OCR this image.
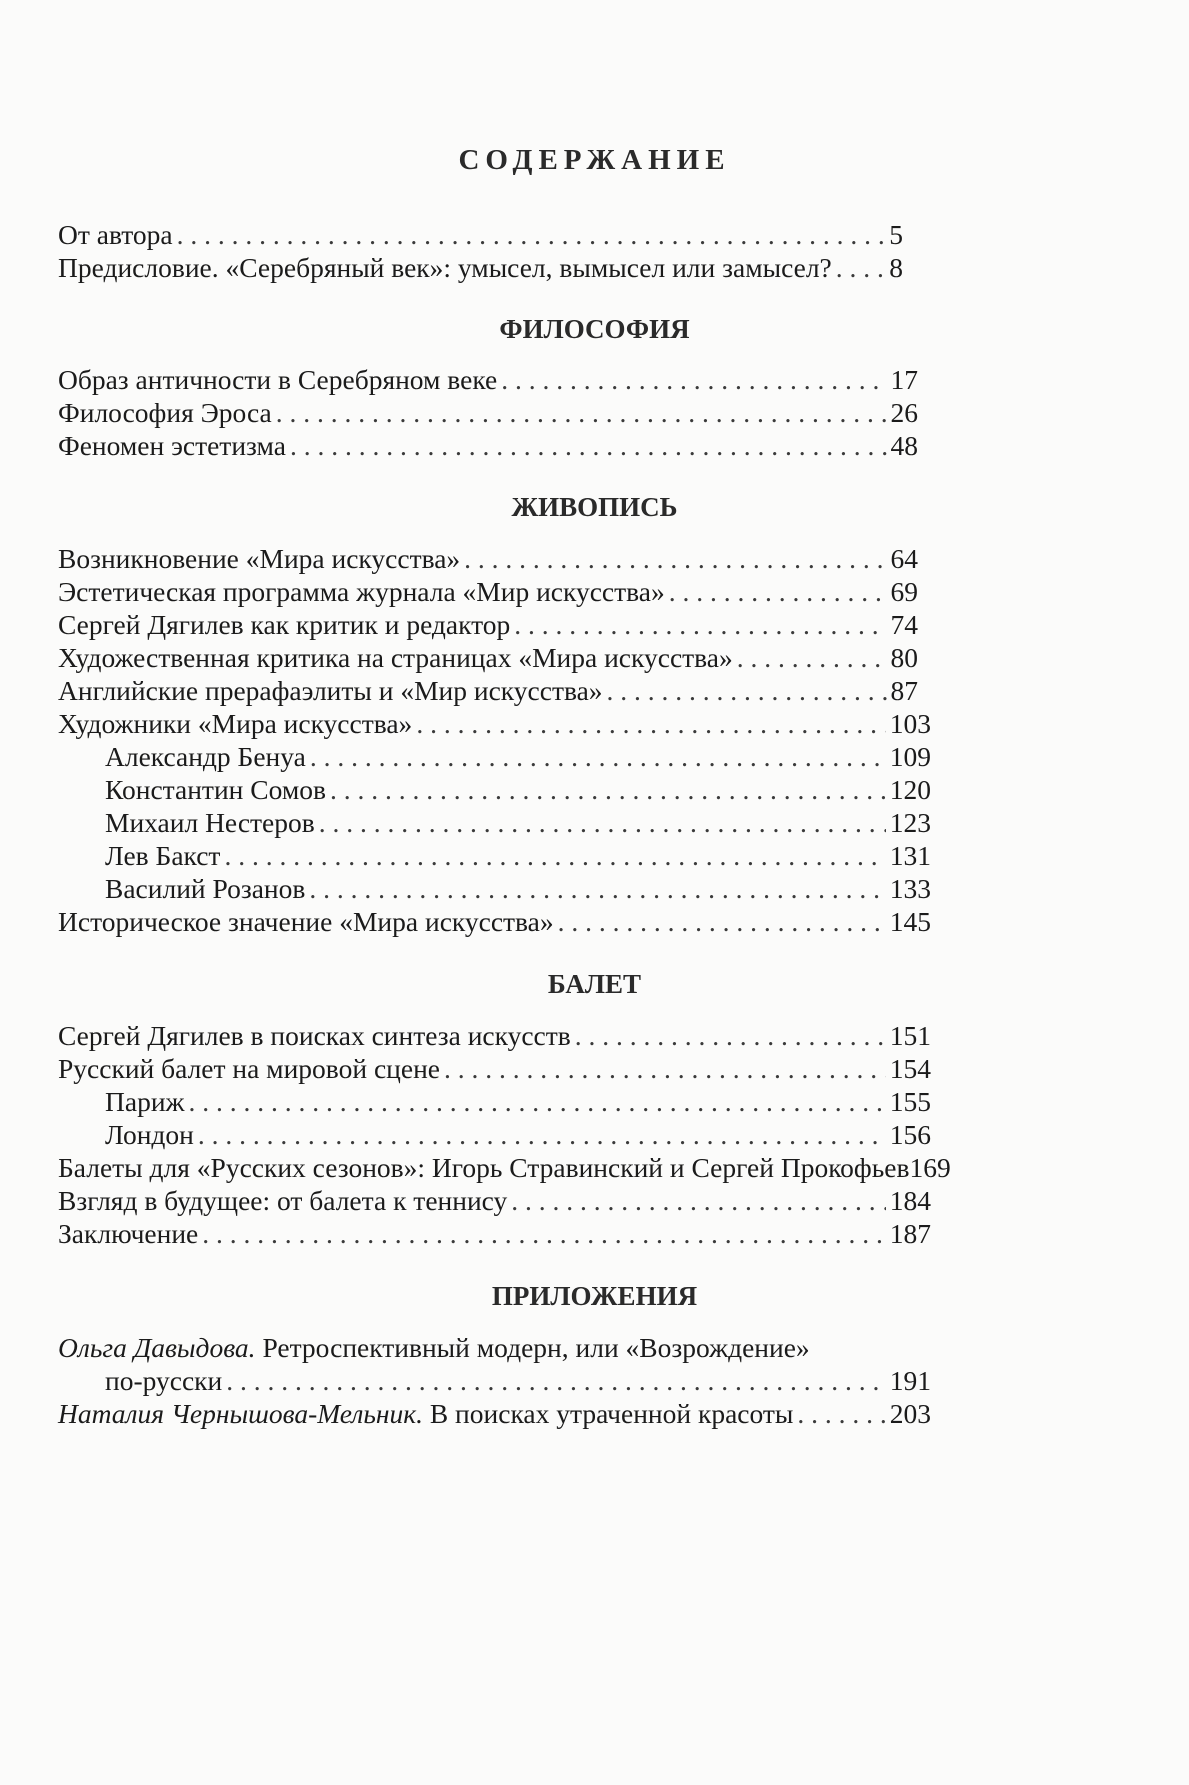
СОДЕРЖАНИЕ
От автора . . .	5
Предисловие. «Серебряный век»: умысел, вымысел или замысел? . . . 8
ФИЛОСОФИЯ
Образ античности в Серебряном веке . . .	17
Философия Эроса . . .	26
Феномен эстетизма . . .	48
ЖИВОПИСЬ
Возникновение «Мира искусства» . . .	64
Эстетическая программа журнала «Мир искусства» . . .	69
Сергей Дягилев как критик и редактор . . .	74
Художественная критика на страницах «Мира искусства» . . .	80
Английские прерафаэлиты и «Мир искусства» . . .	87
Художники «Мира искусства» . . .	103
Александр Бенуа . . .	109
Константин Сомов . . .	120
Михаил Нестеров . . .	123
Лев Бакст . . .	131
Василий Розанов . . .	133
Историческое значение «Мира искусства» . . .	145
БАЛЕТ
Сергей Дягилев в поисках синтеза искусств . . .	151
Русский балет на мировой сцене . . .	154
Париж . . .	155
Лондон . . .	156
Балеты для «Русских сезонов»: Игорь Стравинский и Сергей Прокофьев 169
Взгляд в будущее: от балета к теннису . . .	184
Заключение . . .	187
ПРИЛОЖЕНИЯ
Ольга Давыдова. Ретроспективный модерн, или «Возрождение»
по-русски . . .	191
Наталия Чернышова-Мельник. В поисках утраченной красоты . . .	203
